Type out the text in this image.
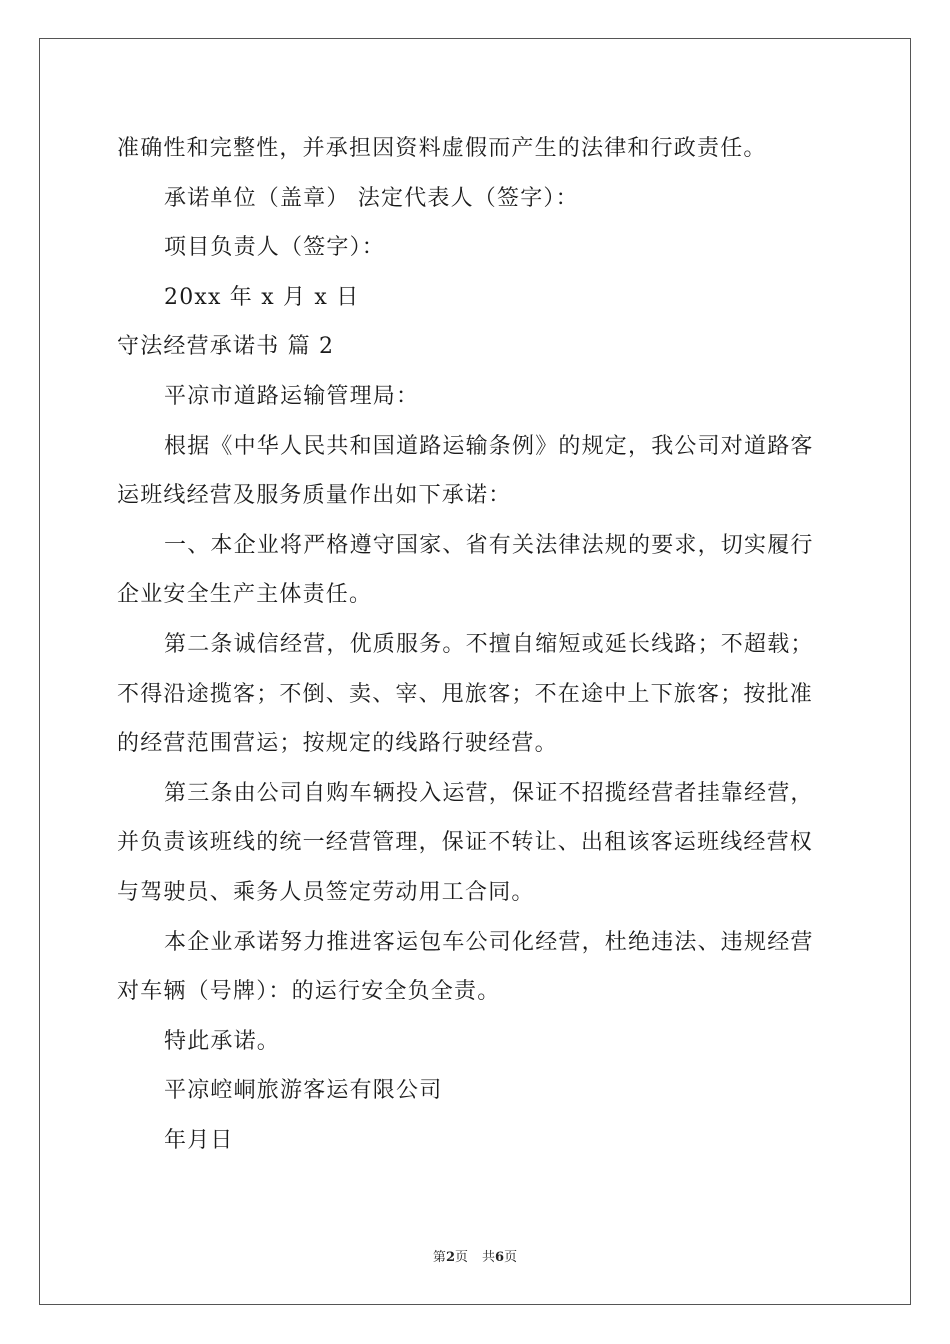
准确性和完整性，并承担因资料虚假而产生的法律和行政责任。
承诺单位（盖章） 法定代表人（签字）：
项目负责人（签字）：
20xx 年 x 月 x 日
守法经营承诺书 篇 2
平凉市道路运输管理局：
根据《中华人民共和国道路运输条例》的规定，我公司对道路客
运班线经营及服务质量作出如下承诺：
一、本企业将严格遵守国家、省有关法律法规的要求，切实履行
企业安全生产主体责任。
第二条诚信经营，优质服务。不擅自缩短或延长线路；不超载；
不得沿途揽客；不倒、卖、宰、甩旅客；不在途中上下旅客；按批准
的经营范围营运；按规定的线路行驶经营。
第三条由公司自购车辆投入运营，保证不招揽经营者挂靠经营，
并负责该班线的统一经营管理，保证不转让、出租该客运班线经营权
与驾驶员、乘务人员签定劳动用工合同。
本企业承诺努力推进客运包车公司化经营，杜绝违法、违规经营
对车辆（号牌）：的运行安全负全责。
特此承诺。
平凉崆峒旅游客运有限公司
年月日
第2页 共6页
